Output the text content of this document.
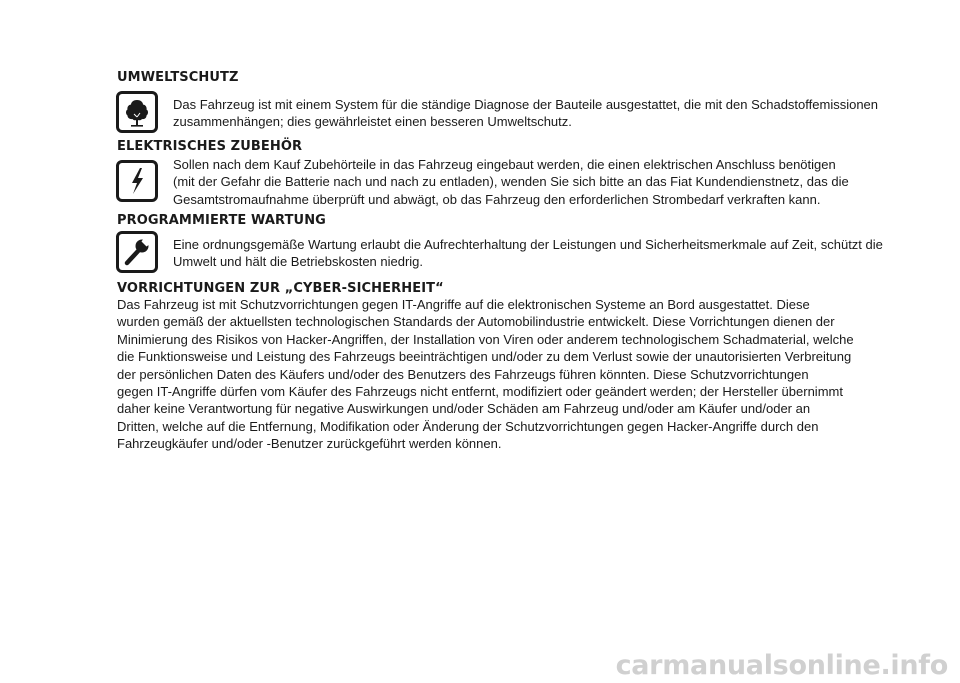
UMWELTSCHUTZ

Das Fahrzeug ist mit einem System für die ständige Diagnose der Bauteile ausgestattet, die mit den Schadstoffemissionen
zusammenhängen; dies gewährleistet einen besseren Umweltschutz.

ELEKTRISCHES ZUBEHÖR

Sollen nach dem Kauf Zubehörteile in das Fahrzeug eingebaut werden, die einen elektrischen Anschluss benötigen
(mit der Gefahr die Batterie nach und nach zu entladen), wenden Sie sich bitte an das Fiat Kundendienstnetz, das die
Gesamtstromaufnahme überprüft und abwägt, ob das Fahrzeug den erforderlichen Strombedarf verkraften kann.

PROGRAMMIERTE WARTUNG

Eine ordnungsgemäße Wartung erlaubt die Aufrechterhaltung der Leistungen und Sicherheitsmerkmale auf Zeit, schützt die
Umwelt und hält die Betriebskosten niedrig.

VORRICHTUNGEN ZUR „CYBER-SICHERHEIT“

Das Fahrzeug ist mit Schutzvorrichtungen gegen IT-Angriffe auf die elektronischen Systeme an Bord ausgestattet. Diese
wurden gemäß der aktuellsten technologischen Standards der Automobilindustrie entwickelt. Diese Vorrichtungen dienen der
Minimierung des Risikos von Hacker-Angriffen, der Installation von Viren oder anderem technologischem Schadmaterial, welche
die Funktionsweise und Leistung des Fahrzeugs beeinträchtigen und/oder zu dem Verlust sowie der unautorisierten Verbreitung
der persönlichen Daten des Käufers und/oder des Benutzers des Fahrzeugs führen könnten. Diese Schutzvorrichtungen
gegen IT-Angriffe dürfen vom Käufer des Fahrzeugs nicht entfernt, modifiziert oder geändert werden; der Hersteller übernimmt
daher keine Verantwortung für negative Auswirkungen und/oder Schäden am Fahrzeug und/oder am Käufer und/oder an
Dritten, welche auf die Entfernung, Modifikation oder Änderung der Schutzvorrichtungen gegen Hacker-Angriffe durch den
Fahrzeugkäufer und/oder -Benutzer zurückgeführt werden können.

carmanualsonline.info
